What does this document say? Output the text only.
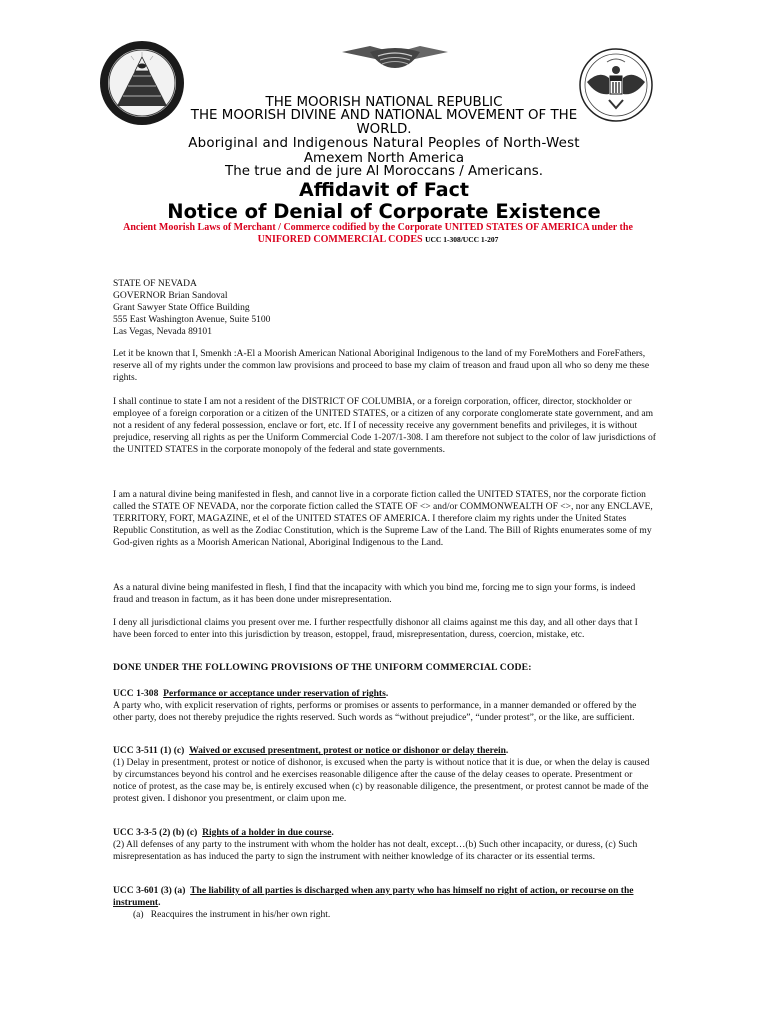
THE MOORISH NATIONAL REPUBLIC

THE MOORISH DIVINE AND NATIONAL MOVEMENT OF THE

WORLD.

Aboriginal and Indigenous Natural Peoples of North-West

Amexem North America

The true and de jure Al Moroccans / Americans.

Affidavit of Fact

Notice of Denial of Corporate Existence

Ancient Moorish Laws of Merchant / Commerce codified by the Corporate UNITED STATES OF AMERICA under the UNIFORED COMMERCIAL CODES UCC 1-308/UCC 1-207
STATE OF NEVADA
GOVERNOR Brian Sandoval
Grant Sawyer State Office Building
555 East Washington Avenue, Suite 5100
Las Vegas, Nevada 89101

Let it be known that I, Smenkh :A-El a Moorish American National Aboriginal Indigenous to the land of my ForeMothers and ForeFathers, reserve all of my rights under the common law provisions and proceed to base my claim of treason and fraud upon all who so deny me these rights.

I shall continue to state I am not a resident of the DISTRICT OF COLUMBIA, or a foreign corporation, officer, director, stockholder or employee of a foreign corporation or a citizen of the UNITED STATES, or a citizen of any corporate conglomerate state government, and am not a resident of any federal possession, enclave or fort, etc. If I of necessity receive any government benefits and privileges, it is without prejudice, reserving all rights as per the Uniform Commercial Code 1-207/1-308. I am therefore not subject to the color of law jurisdictions of the UNITED STATES in the corporate monopoly of the federal and state governments.

I am a natural divine being manifested in flesh, and cannot live in a corporate fiction called the UNITED STATES, nor the corporate fiction called the STATE OF NEVADA, nor the corporate fiction called the STATE OF <> and/or COMMONWEALTH OF <>, nor any ENCLAVE, TERRITORY, FORT, MAGAZINE, et el of the UNITED STATES OF AMERICA. I therefore claim my rights under the United States Republic Constitution, as well as the Zodiac Constitution, which is the Supreme Law of the Land. The Bill of Rights enumerates some of my God-given rights as a Moorish American National, Aboriginal Indigenous to the Land.

As a natural divine being manifested in flesh, I find that the incapacity with which you bind me, forcing me to sign your forms, is indeed fraud and treason in factum, as it has been done under misrepresentation.

I deny all jurisdictional claims you present over me. I further respectfully dishonor all claims against me this day, and all other days that I have been forced to enter into this jurisdiction by treason, estoppel, fraud, misrepresentation, duress, coercion, mistake, etc.

DONE UNDER THE FOLLOWING PROVISIONS OF THE UNIFORM COMMERCIAL CODE:

UCC 1-308 Performance or acceptance under reservation of rights.

A party who, with explicit reservation of rights, performs or promises or assents to performance, in a manner demanded or offered by the other party, does not thereby prejudice the rights reserved. Such words as “without prejudice”, “under protest”, or the like, are sufficient.

UCC 3-511 (1) (c) Waived or excused presentment, protest or notice or dishonor or delay therein.

(1) Delay in presentment, protest or notice of dishonor, is excused when the party is without notice that it is due, or when the delay is caused by circumstances beyond his control and he exercises reasonable diligence after the cause of the delay ceases to operate. Presentment or notice of protest, as the case may be, is entirely excused when (c) by reasonable diligence, the presentment, or protest cannot be made of the protest given. I dishonor you presentment, or claim upon me.

UCC 3-3-5 (2) (b) (c) Rights of a holder in due course.

(2) All defenses of any party to the instrument with whom the holder has not dealt, except…(b) Such other incapacity, or duress, (c) Such misrepresentation as has induced the party to sign the instrument with neither knowledge of its character or its essential terms.

UCC 3-601 (3) (a) The liability of all parties is discharged when any party who has himself no right of action, or recourse on the instrument.
(a) Reacquires the instrument in his/her own right.
